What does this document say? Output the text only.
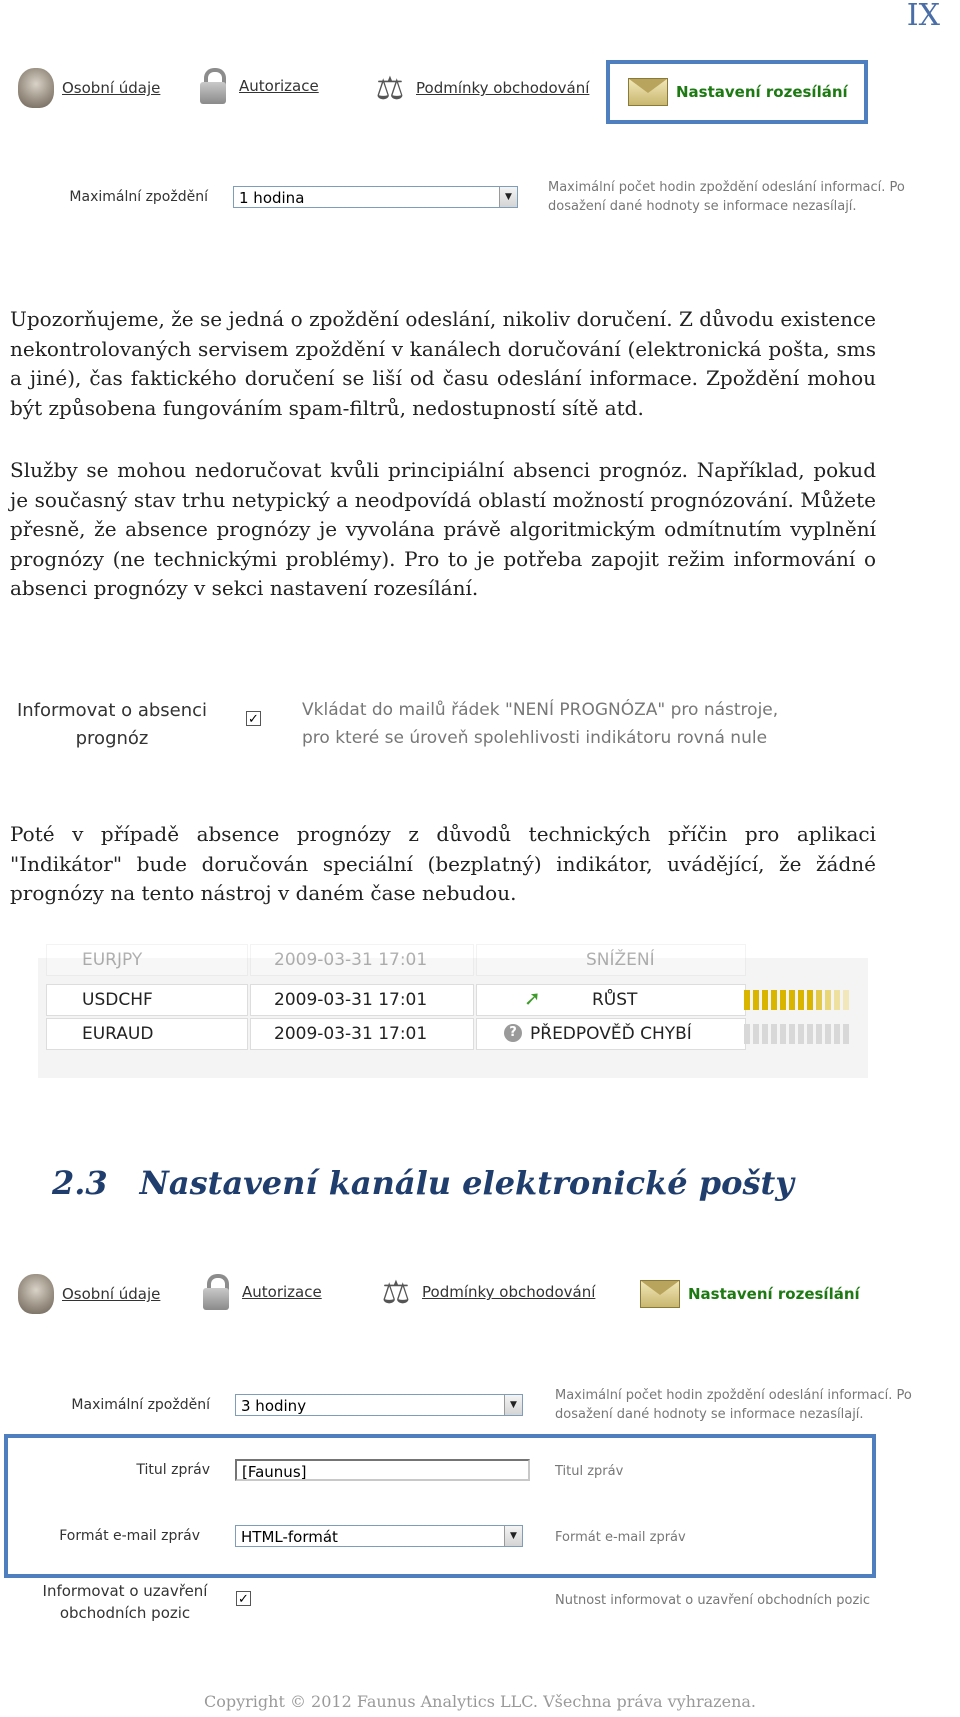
IX
Osobní údaje	Autorizace ⚖ Podmínky obchodování	Nastavení rozesílání
Maximální zpoždění	1 hodina	▼
Maximální počet hodin zpoždění odeslání informací. Po dosažení dané hodnoty se informace nezasílají.

Upozorňujeme, že se jedná o zpoždění odeslání, nikoliv doručení. Z důvodu existence nekontrolovaných servisem zpoždění v kanálech doručování (elektronická pošta, sms a jiné), čas faktického doručení se liší od času odeslání informace. Zpoždění mohou být způsobena fungováním spam-filtrů, nedostupností sítě atd.

Služby se mohou nedoručovat kvůli principiální absenci prognóz. Například, pokud je současný stav trhu netypický a neodpovídá oblastí možností prognózování. Můžete přesně, že absence prognózy je vyvolána právě algoritmickým odmítnutím vyplnění prognózy (ne technickými problémy). Pro to je potřeba zapojit režim informování o absenci prognózy v sekci nastavení rozesílání.

Informovat o absenci
prognóz
✓	Vkládat do mailů řádek "NENÍ PROGNÓZA" pro nástroje,
pro které se úroveň spolehlivosti indikátoru rovná nule

Poté v případě absence prognózy z důvodů technických příčin pro aplikaci "Indikátor" bude doručován speciální (bezplatný) indikátor, uvádějící, že žádné prognózy na tento nástroj v daném čase nebudou.

EURJPY	2009-03-31 17:01	SNÍŽENÍ
USDCHF	2009-03-31 17:01	➚	RŮST
EURAUD	2009-03-31 17:01	? PŘEDPOVĚĎ CHYBÍ
2.3 Nastavení kanálu elektronické pošty
Osobní údaje	Autorizace ⚖ Podmínky obchodování	Nastavení rozesílání
Maximální zpoždění	3 hodiny	▼
Maximální počet hodin zpoždění odeslání informací. Po dosažení dané hodnoty se informace nezasílají.
Titul zpráv	[Faunus]	Titul zpráv
Formát e-mail zpráv	HTML-formát	▼	Formát e-mail zpráv
Informovat o uzavření
obchodních pozic
✓	Nutnost informovat o uzavření obchodních pozic
Copyright © 2012 Faunus Analytics LLC. Všechna práva vyhrazena.
